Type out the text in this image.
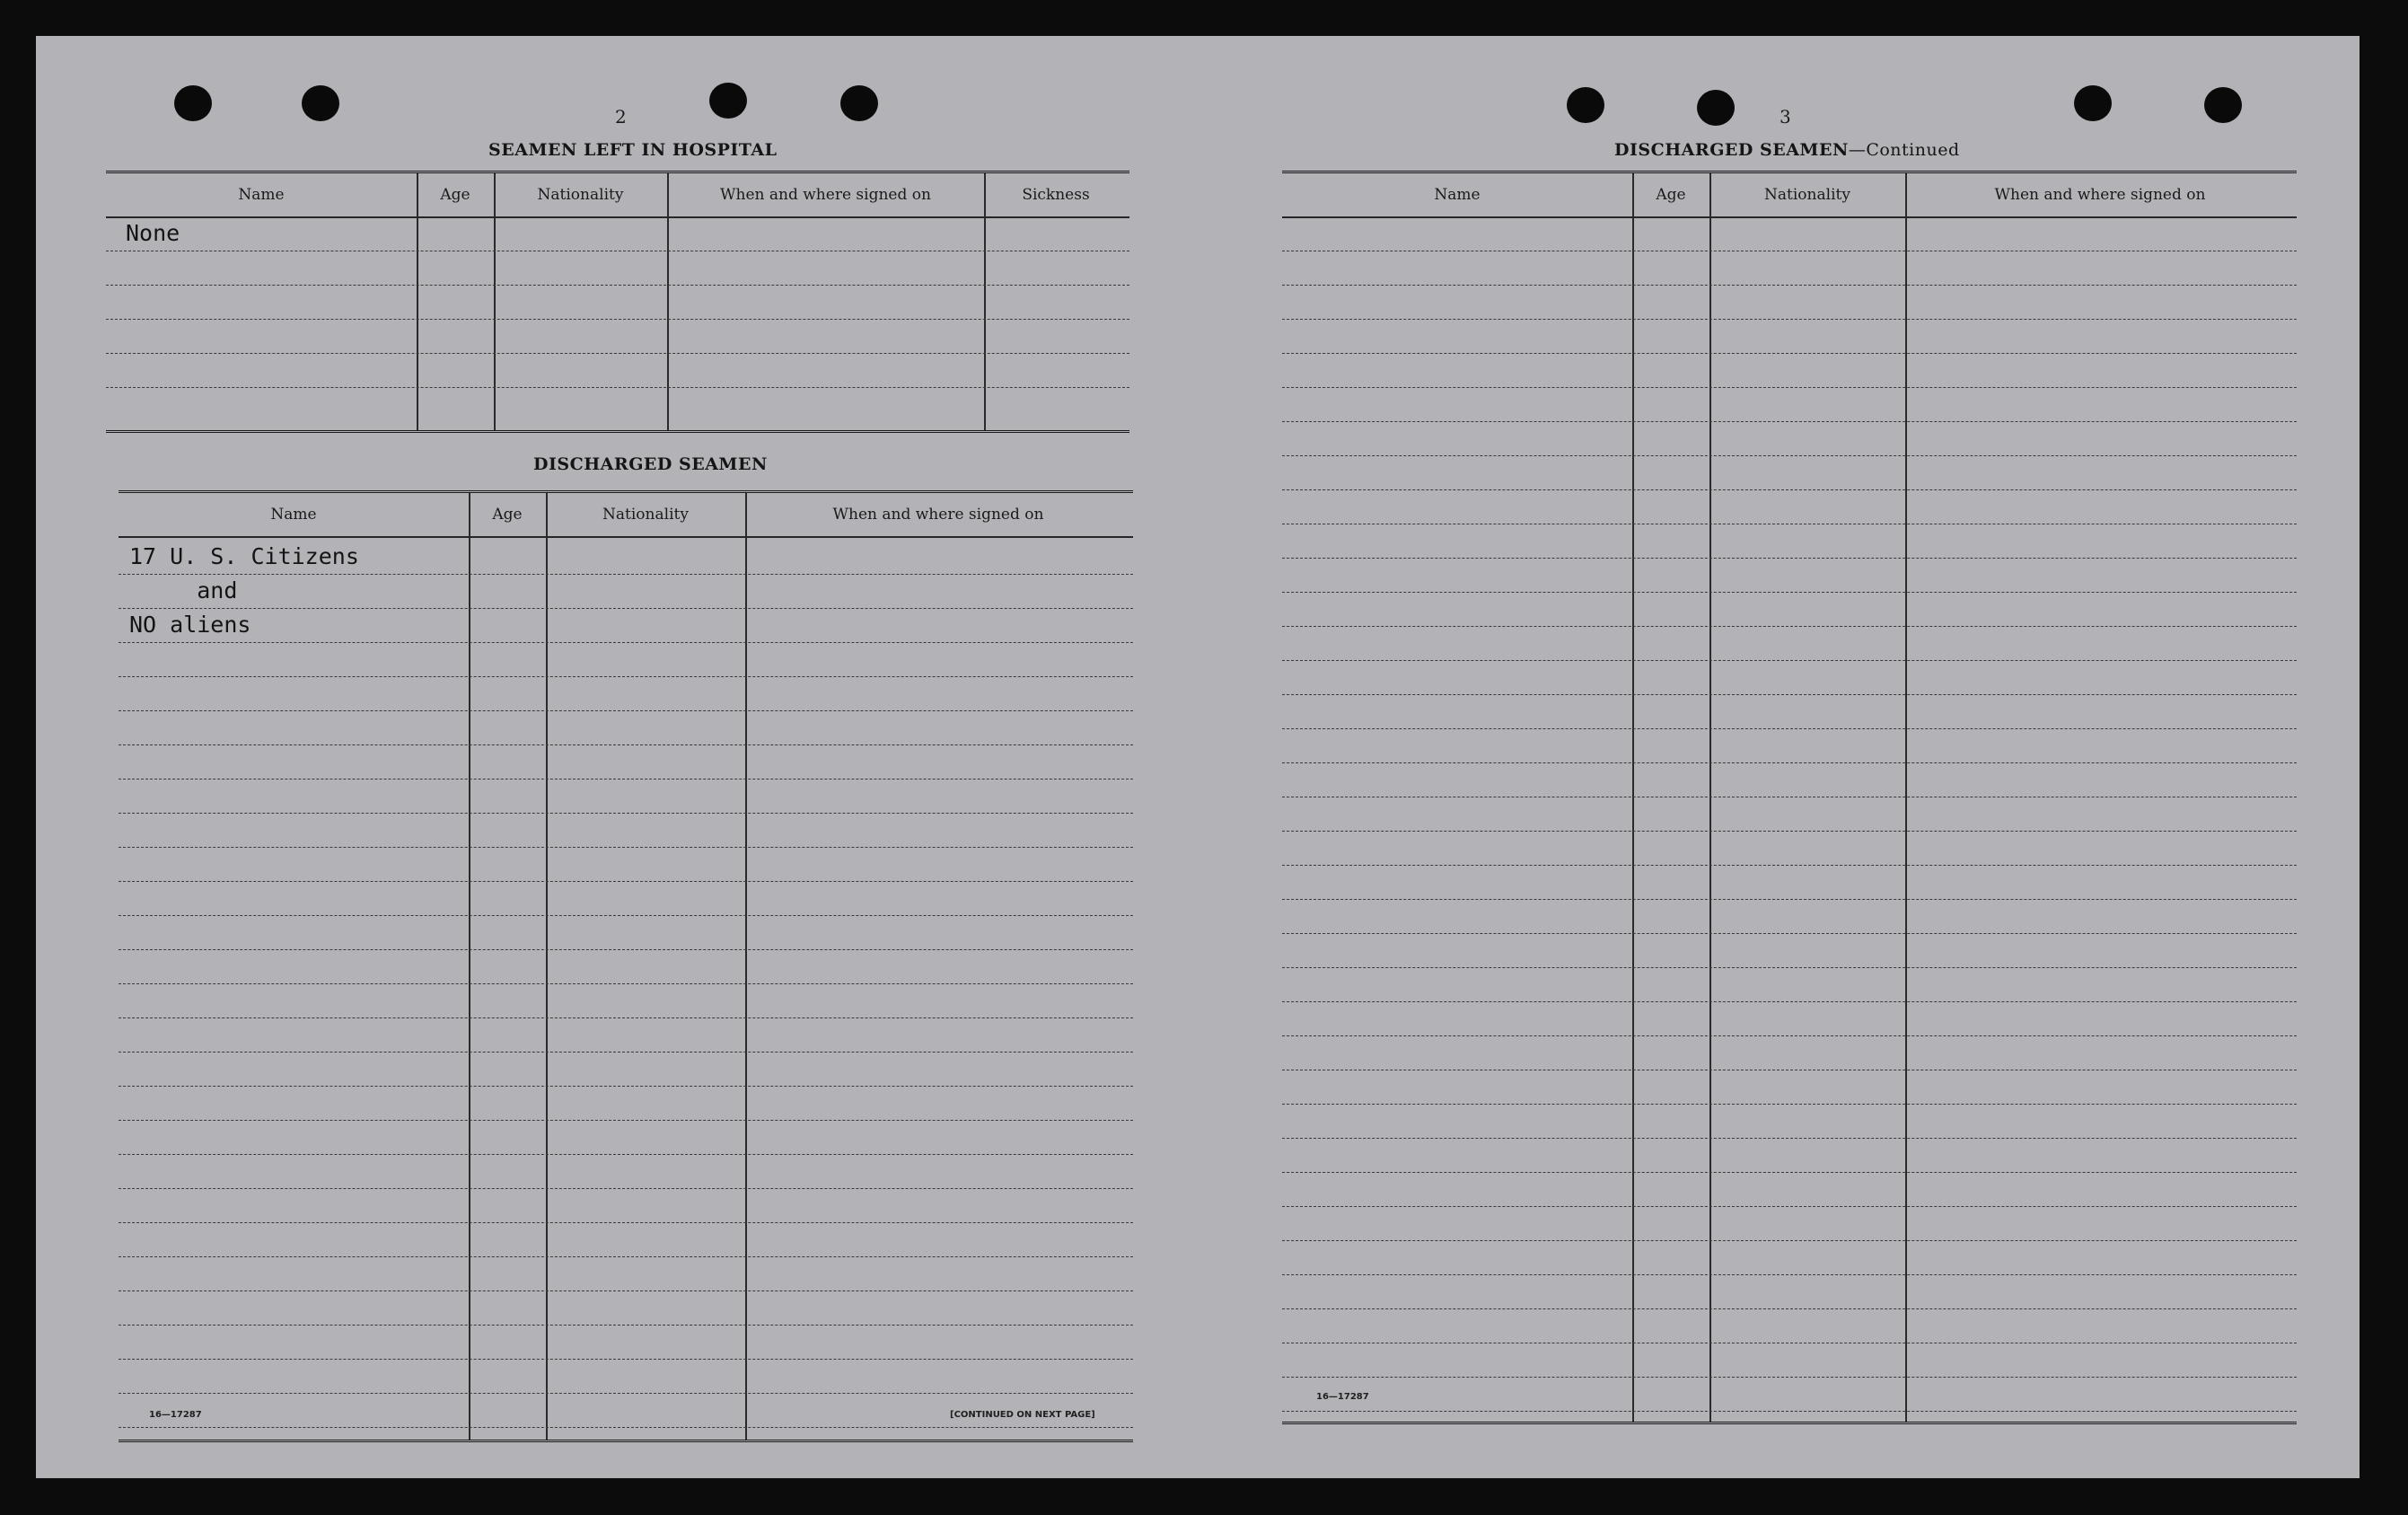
2
SEAMEN LEFT IN HOSPITAL
Name	Age	Nationality	When and where signed on	Sickness
None
DISCHARGED SEAMEN
Name	Age	Nationality	When and where signed on
17 U. S. Citizens
and
NO aliens
16—17287	[CONTINUED ON NEXT PAGE]
3
DISCHARGED SEAMEN—Continued
Name	Age	Nationality	When and where signed on
16—17287
